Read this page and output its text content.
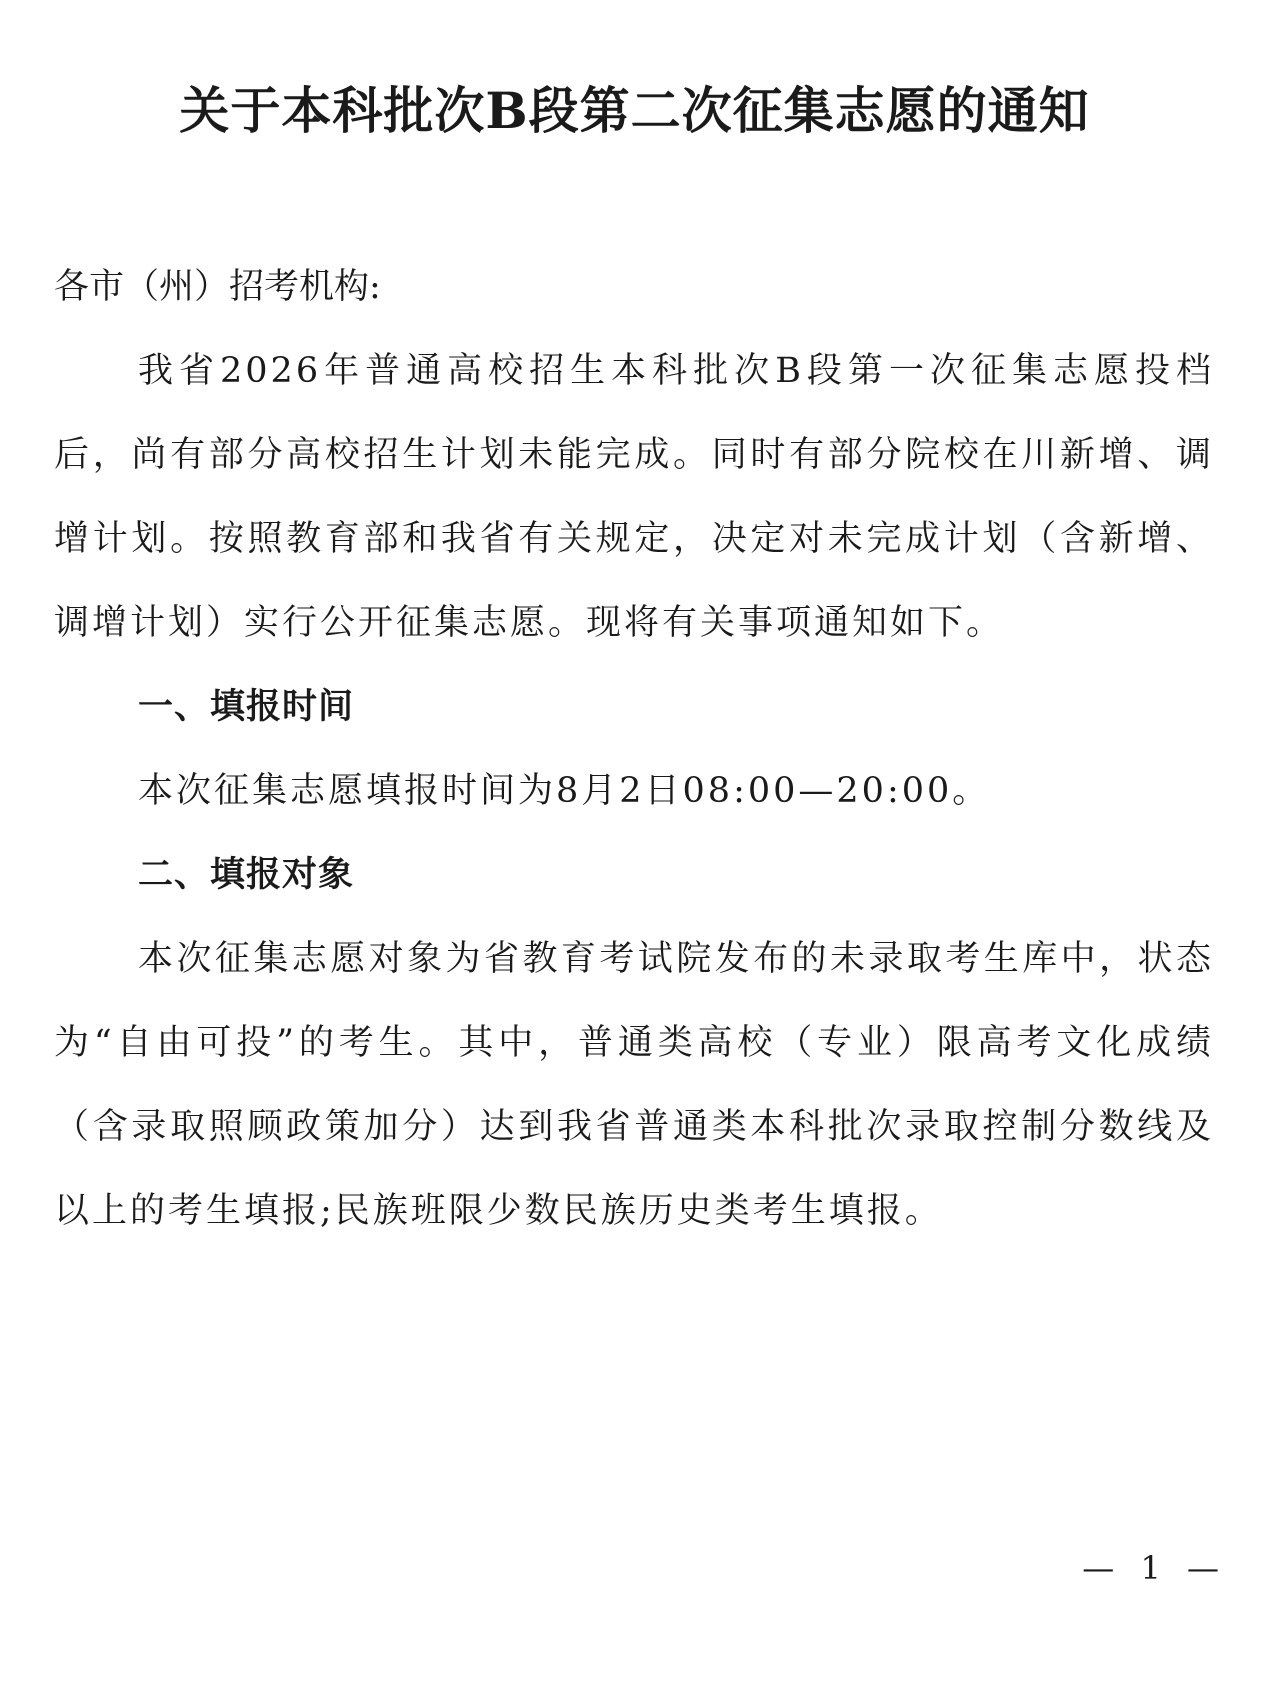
关于本科批次B段第二次征集志愿的通知

各市（州）招考机构:

我省2026年普通高校招生本科批次B段第一次征集志愿投档后，尚有部分高校招生计划未能完成。同时有部分院校在川新增、调增计划。按照教育部和我省有关规定，决定对未完成计划（含新增、调增计划）实行公开征集志愿。现将有关事项通知如下。

一、填报时间

本次征集志愿填报时间为8月2日08:00—20:00。

二、填报对象

本次征集志愿对象为省教育考试院发布的未录取考生库中，状态为“自由可投”的考生。其中，普通类高校（专业）限高考文化成绩（含录取照顾政策加分）达到我省普通类本科批次录取控制分数线及以上的考生填报;民族班限少数民族历史类考生填报。

— 1 —
